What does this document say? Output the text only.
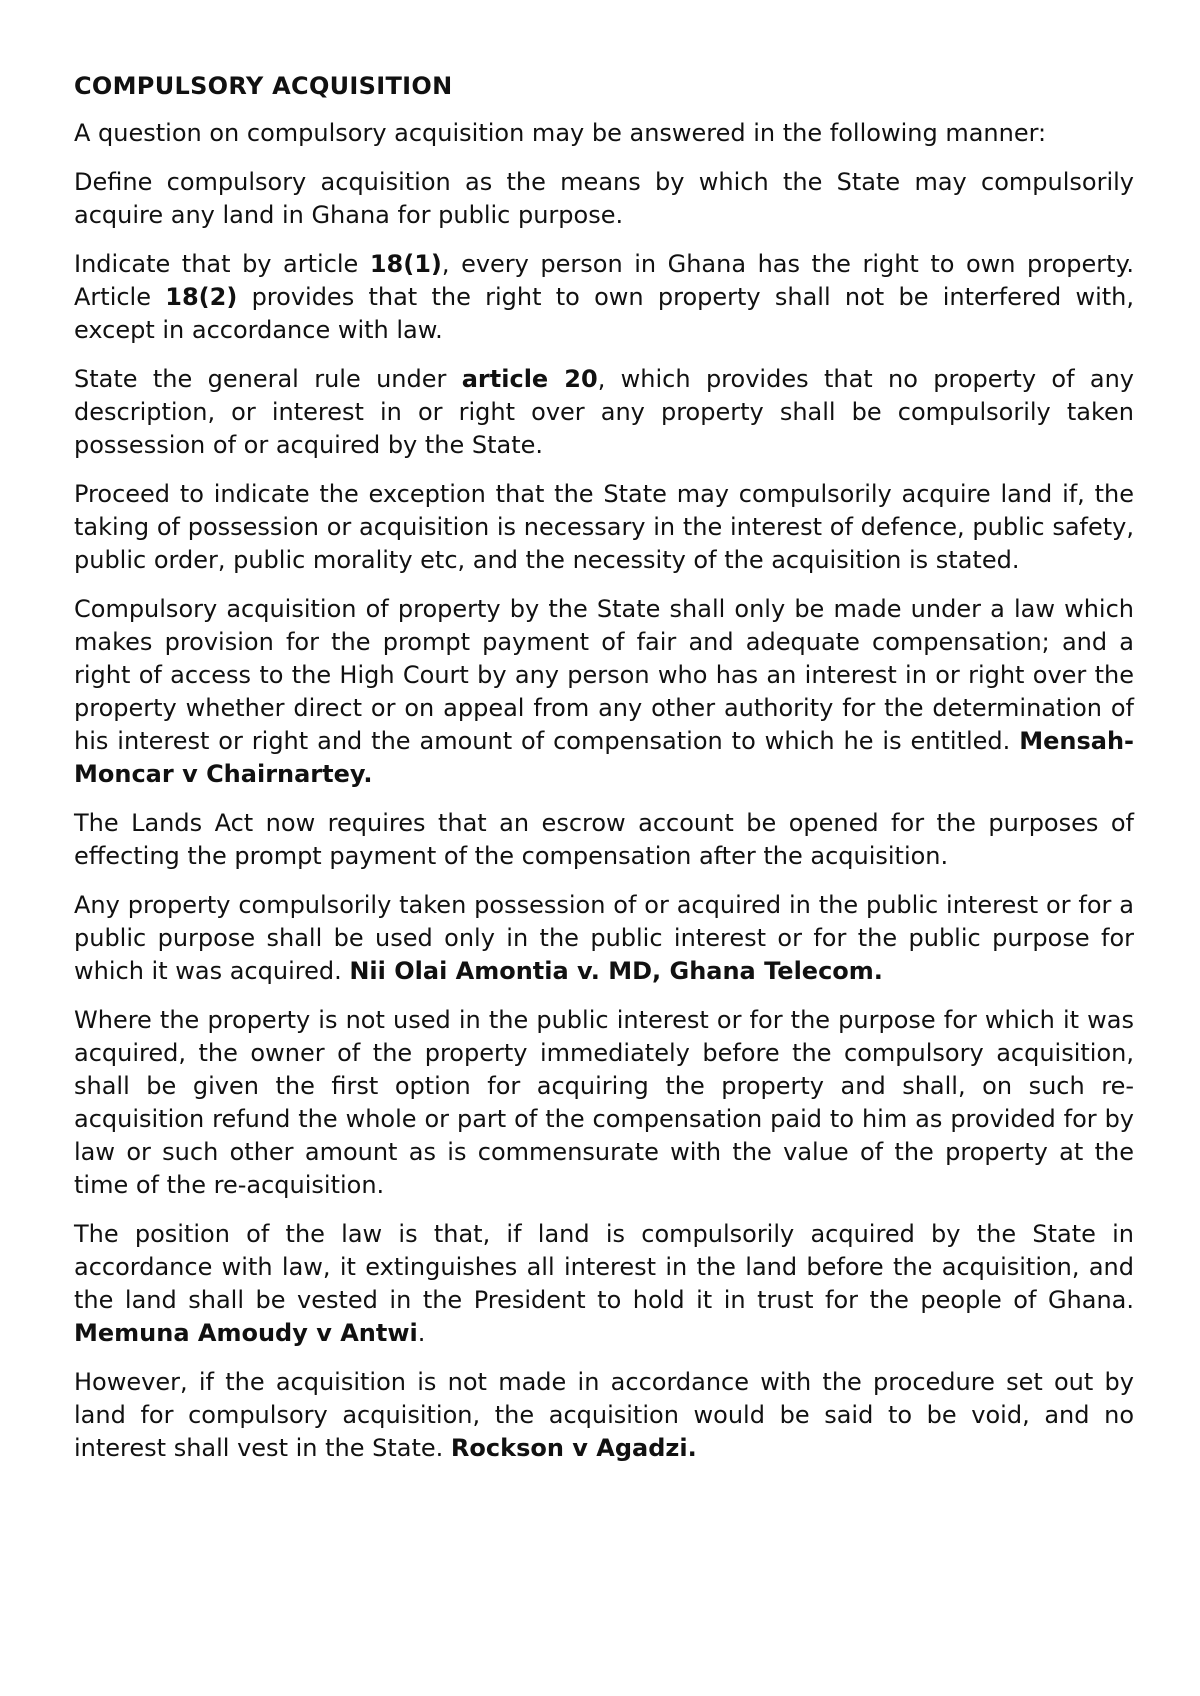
COMPULSORY ACQUISITION

A question on compulsory acquisition may be answered in the following manner:

Define compulsory acquisition as the means by which the State may compulsorily acquire any land in Ghana for public purpose.

Indicate that by article 18(1), every person in Ghana has the right to own property. Article 18(2) provides that the right to own property shall not be interfered with, except in accordance with law.

State the general rule under article 20, which provides that no property of any description, or interest in or right over any property shall be compulsorily taken possession of or acquired by the State.

Proceed to indicate the exception that the State may compulsorily acquire land if, the taking of possession or acquisition is necessary in the interest of defence, public safety, public order, public morality etc, and the necessity of the acquisition is stated.

Compulsory acquisition of property by the State shall only be made under a law which makes provision for the prompt payment of fair and adequate compensation; and a right of access to the High Court by any person who has an interest in or right over the property whether direct or on appeal from any other authority for the determination of his interest or right and the amount of compensation to which he is entitled. Mensah-Moncar v Chairnartey.

The Lands Act now requires that an escrow account be opened for the purposes of effecting the prompt payment of the compensation after the acquisition.

Any property compulsorily taken possession of or acquired in the public interest or for a public purpose shall be used only in the public interest or for the public purpose for which it was acquired. Nii Olai Amontia v. MD, Ghana Telecom.

Where the property is not used in the public interest or for the purpose for which it was acquired, the owner of the property immediately before the compulsory acquisition, shall be given the first option for acquiring the property and shall, on such re-acquisition refund the whole or part of the compensation paid to him as provided for by law or such other amount as is commensurate with the value of the property at the time of the re-acquisition.

The position of the law is that, if land is compulsorily acquired by the State in accordance with law, it extinguishes all interest in the land before the acquisition, and the land shall be vested in the President to hold it in trust for the people of Ghana. Memuna Amoudy v Antwi.

However, if the acquisition is not made in accordance with the procedure set out by land for compulsory acquisition, the acquisition would be said to be void, and no interest shall vest in the State. Rockson v Agadzi.
